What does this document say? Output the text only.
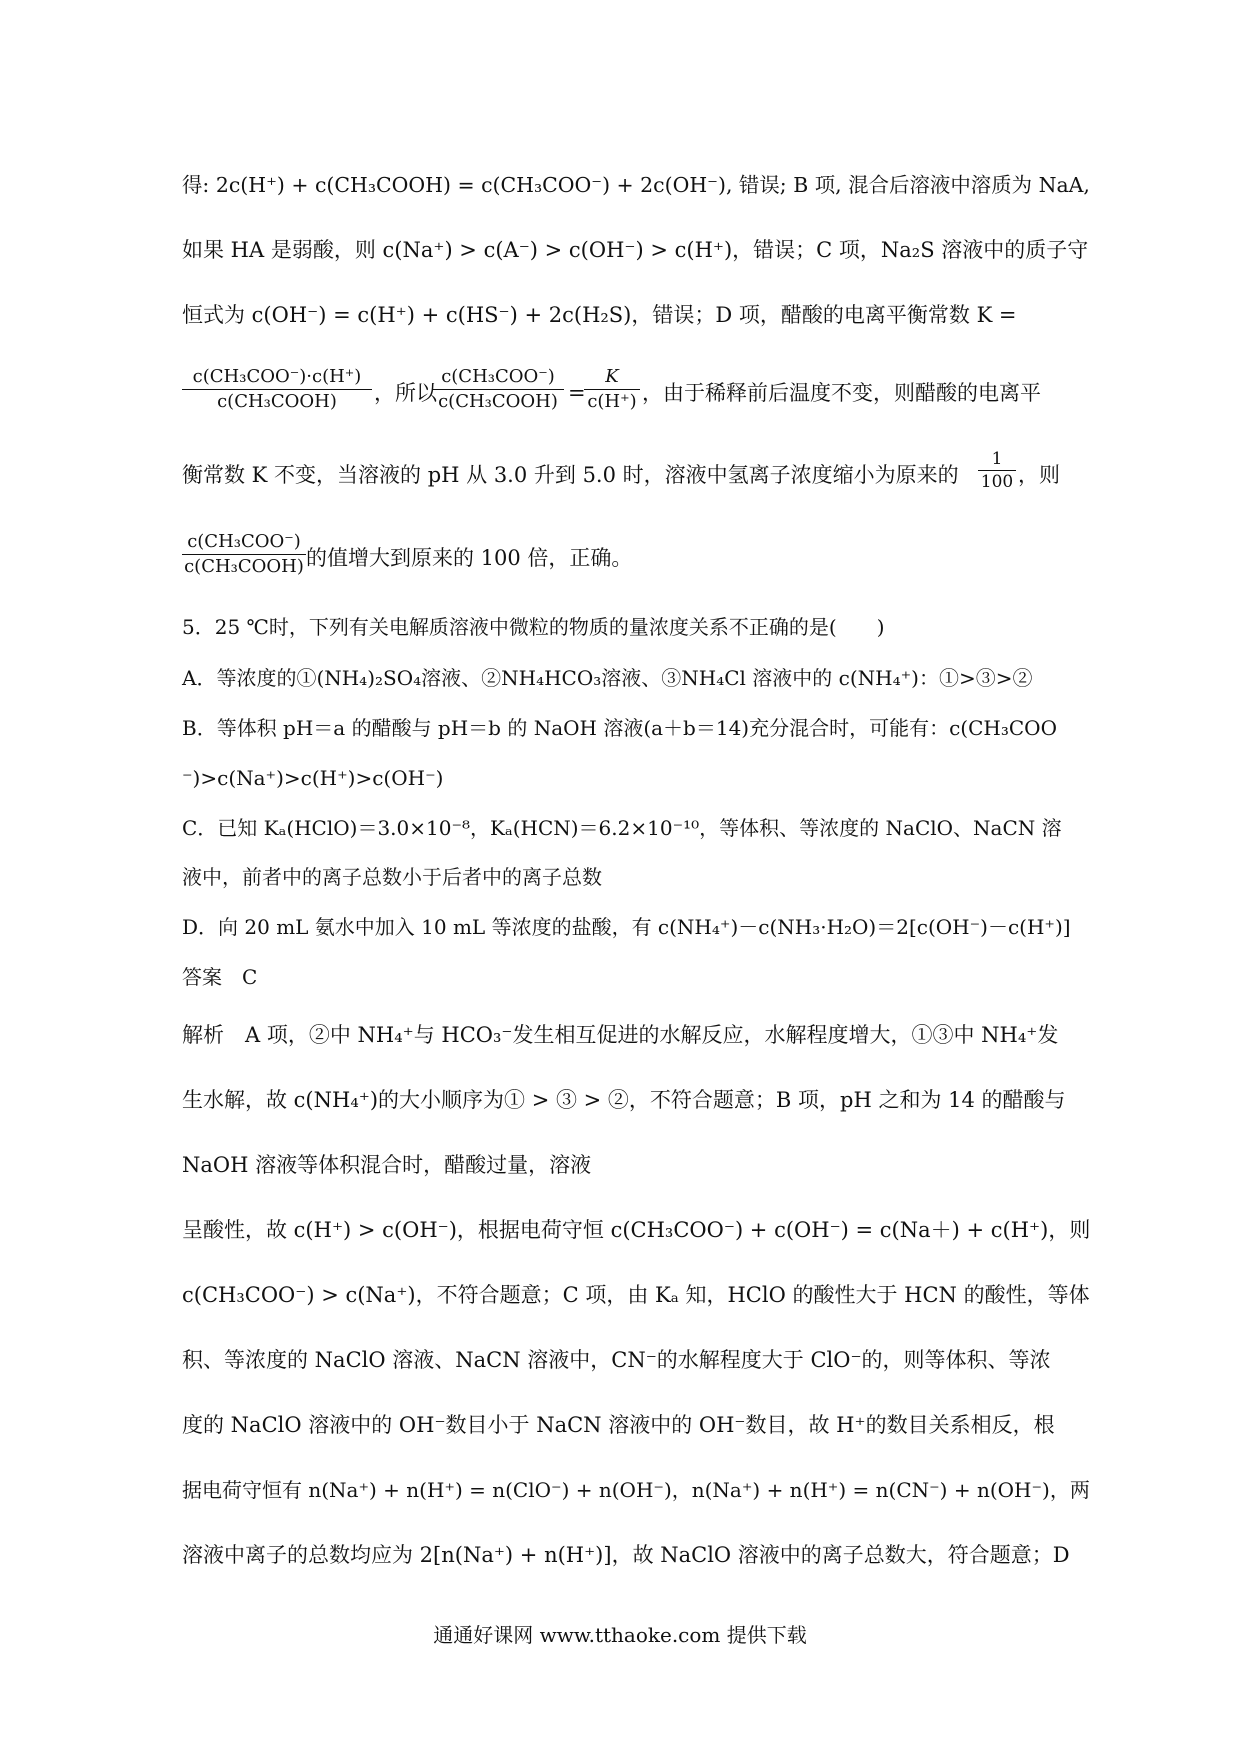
得: 2c(H⁺) + c(CH₃COOH) = c(CH₃COO⁻) + 2c(OH⁻), 错误; B 项, 混合后溶液中溶质为 NaA,
如果 HA 是弱酸，则 c(Na⁺) > c(A⁻) > c(OH⁻) > c(H⁺)，错误；C 项，Na₂S 溶液中的质子守
恒式为 c(OH⁻) = c(H⁺) + c(HS⁻) + 2c(H₂S)，错误；D 项，醋酸的电离平衡常数 K =
c(CH₃COO⁻)·c(H⁺)
c(CH₃COOH)	，所以
c(CH₃COO⁻)
c(CH₃COOH) =
$\frac{K}{c(H^+)}$ ，由于稀释前后温度不变，则醋酸的电离平
衡常数 K 不变，当溶液的 pH 从 3.0 升到 5.0 时，溶液中氢离子浓度缩小为原来的 $\frac{1}{100}$ ，则
c(CH₃COO⁻)
c(CH₃COOH) 的值增大到原来的 100 倍，正确。
5．25 ℃时，下列有关电解质溶液中微粒的物质的量浓度关系不正确的是(　　)
A．等浓度的①(NH₄)₂SO₄溶液、②NH₄HCO₃溶液、③NH₄Cl 溶液中的 c(NH₄⁺)：①>③>②
B．等体积 pH＝a 的醋酸与 pH＝b 的 NaOH 溶液(a＋b＝14)充分混合时，可能有：c(CH₃COO
⁻)>c(Na⁺)>c(H⁺)>c(OH⁻)
C．已知 Kₐ(HClO)＝3.0×10⁻⁸，Kₐ(HCN)＝6.2×10⁻¹⁰，等体积、等浓度的 NaClO、NaCN 溶
液中，前者中的离子总数小于后者中的离子总数
D．向 20 mL 氨水中加入 10 mL 等浓度的盐酸，有 c(NH₄⁺)－c(NH₃·H₂O)＝2[c(OH⁻)－c(H⁺)]
答案　C
解析　A 项，②中 NH₄⁺与 HCO₃⁻发生相互促进的水解反应，水解程度增大，①③中 NH₄⁺发
生水解，故 c(NH₄⁺)的大小顺序为① > ③ > ②，不符合题意；B 项，pH 之和为 14 的醋酸与
NaOH 溶液等体积混合时，醋酸过量，溶液
呈酸性，故 c(H⁺) > c(OH⁻)，根据电荷守恒 c(CH₃COO⁻) + c(OH⁻) = c(Na＋) + c(H⁺)，则
c(CH₃COO⁻) > c(Na⁺)，不符合题意；C 项，由 Kₐ 知，HClO 的酸性大于 HCN 的酸性，等体
积、等浓度的 NaClO 溶液、NaCN 溶液中，CN⁻的水解程度大于 ClO⁻的，则等体积、等浓
度的 NaClO 溶液中的 OH⁻数目小于 NaCN 溶液中的 OH⁻数目，故 H⁺的数目关系相反，根
据电荷守恒有 n(Na⁺) + n(H⁺) = n(ClO⁻) + n(OH⁻)，n(Na⁺) + n(H⁺) = n(CN⁻) + n(OH⁻)，两
溶液中离子的总数均应为 2[n(Na⁺) + n(H⁺)]，故 NaClO 溶液中的离子总数大，符合题意；D
通通好课网 www.tthaoke.com 提供下载
